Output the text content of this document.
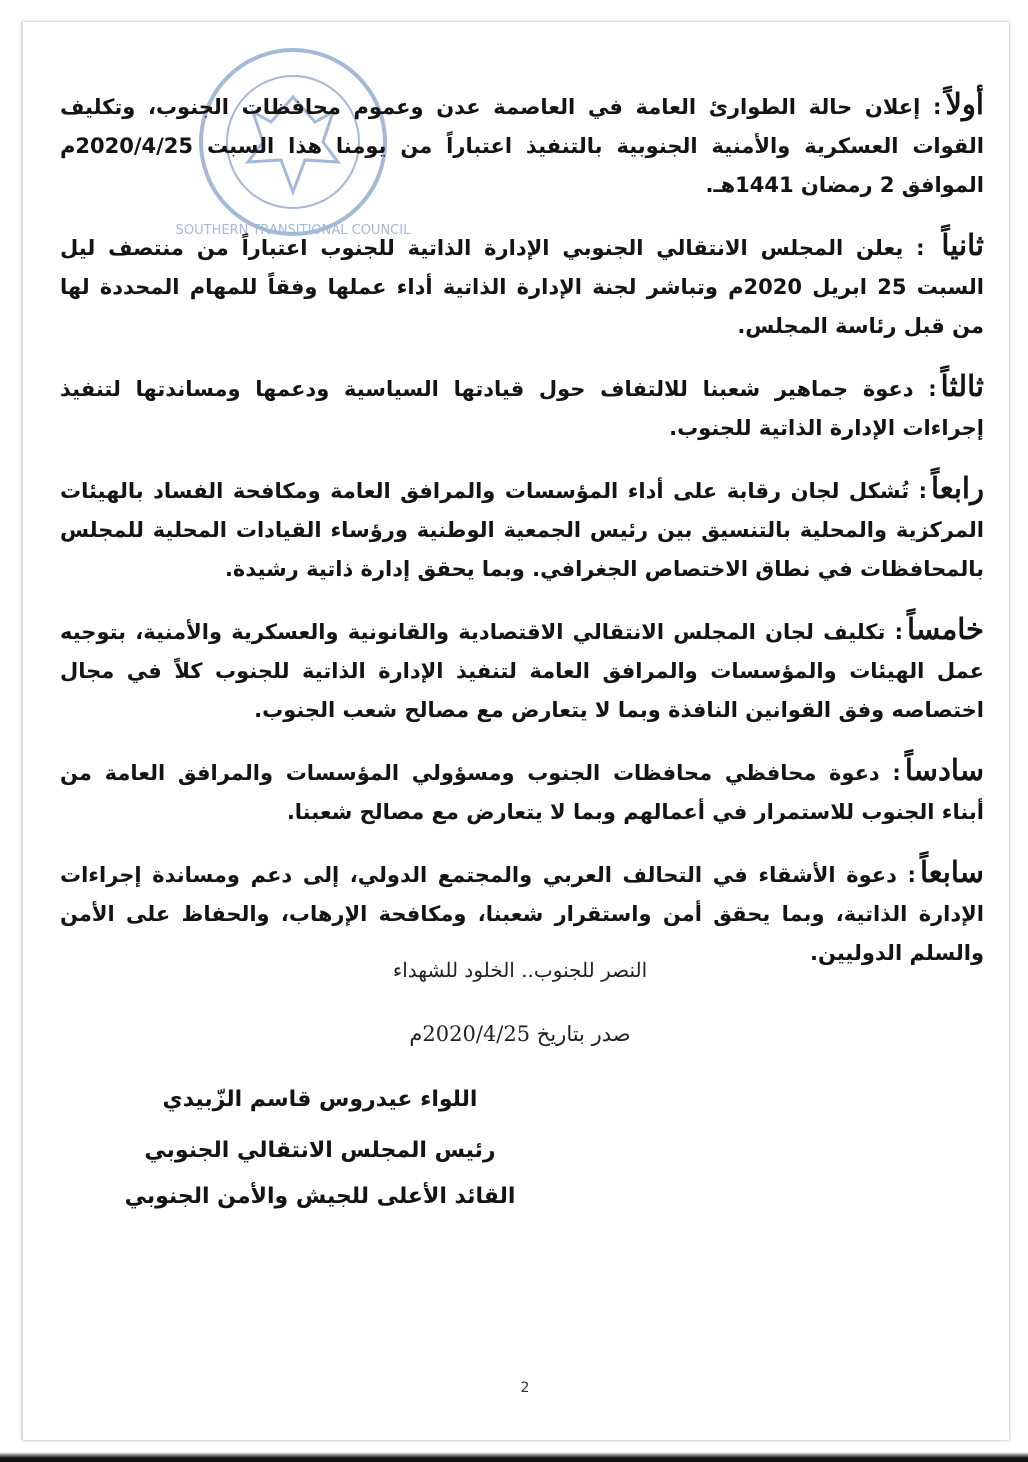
SOUTHERN TRANSITIONAL COUNCIL

أولاً: إعلان حالة الطوارئ العامة في العاصمة عدن وعموم محافظات الجنوب، وتكليف القوات العسكرية والأمنية الجنوبية بالتنفيذ اعتباراً من يومنا هذا السبت 2020/4/25م الموافق 2 رمضان 1441هـ.

ثانياً : يعلن المجلس الانتقالي الجنوبي الإدارة الذاتية للجنوب اعتباراً من منتصف ليل السبت 25 ابريل 2020م وتباشر لجنة الإدارة الذاتية أداء عملها وفقاً للمهام المحددة لها من قبل رئاسة المجلس.

ثالثاً: دعوة جماهير شعبنا للالتفاف حول قيادتها السياسية ودعمها ومساندتها لتنفيذ إجراءات الإدارة الذاتية للجنوب.

رابعاً: تُشكل لجان رقابة على أداء المؤسسات والمرافق العامة ومكافحة الفساد بالهيئات المركزية والمحلية بالتنسيق بين رئيس الجمعية الوطنية ورؤساء القيادات المحلية للمجلس بالمحافظات في نطاق الاختصاص الجغرافي. وبما يحقق إدارة ذاتية رشيدة.

خامساً: تكليف لجان المجلس الانتقالي الاقتصادية والقانونية والعسكرية والأمنية، بتوجيه عمل الهيئات والمؤسسات والمرافق العامة لتنفيذ الإدارة الذاتية للجنوب كلاً في مجال اختصاصه وفق القوانين النافذة وبما لا يتعارض مع مصالح شعب الجنوب.

سادساً: دعوة محافظي محافظات الجنوب ومسؤولي المؤسسات والمرافق العامة من أبناء الجنوب للاستمرار في أعمالهم وبما لا يتعارض مع مصالح شعبنا.

سابعاً: دعوة الأشقاء في التحالف العربي والمجتمع الدولي، إلى دعم ومساندة إجراءات الإدارة الذاتية، وبما يحقق أمن واستقرار شعبنا، ومكافحة الإرهاب، والحفاظ على الأمن والسلم الدوليين.

النصر للجنوب.. الخلود للشهداء
صدر بتاريخ 2020/4/25م
اللواء عيدروس قاسم الزّبيدي
رئيس المجلس الانتقالي الجنوبي
القائد الأعلى للجيش والأمن الجنوبي
2
